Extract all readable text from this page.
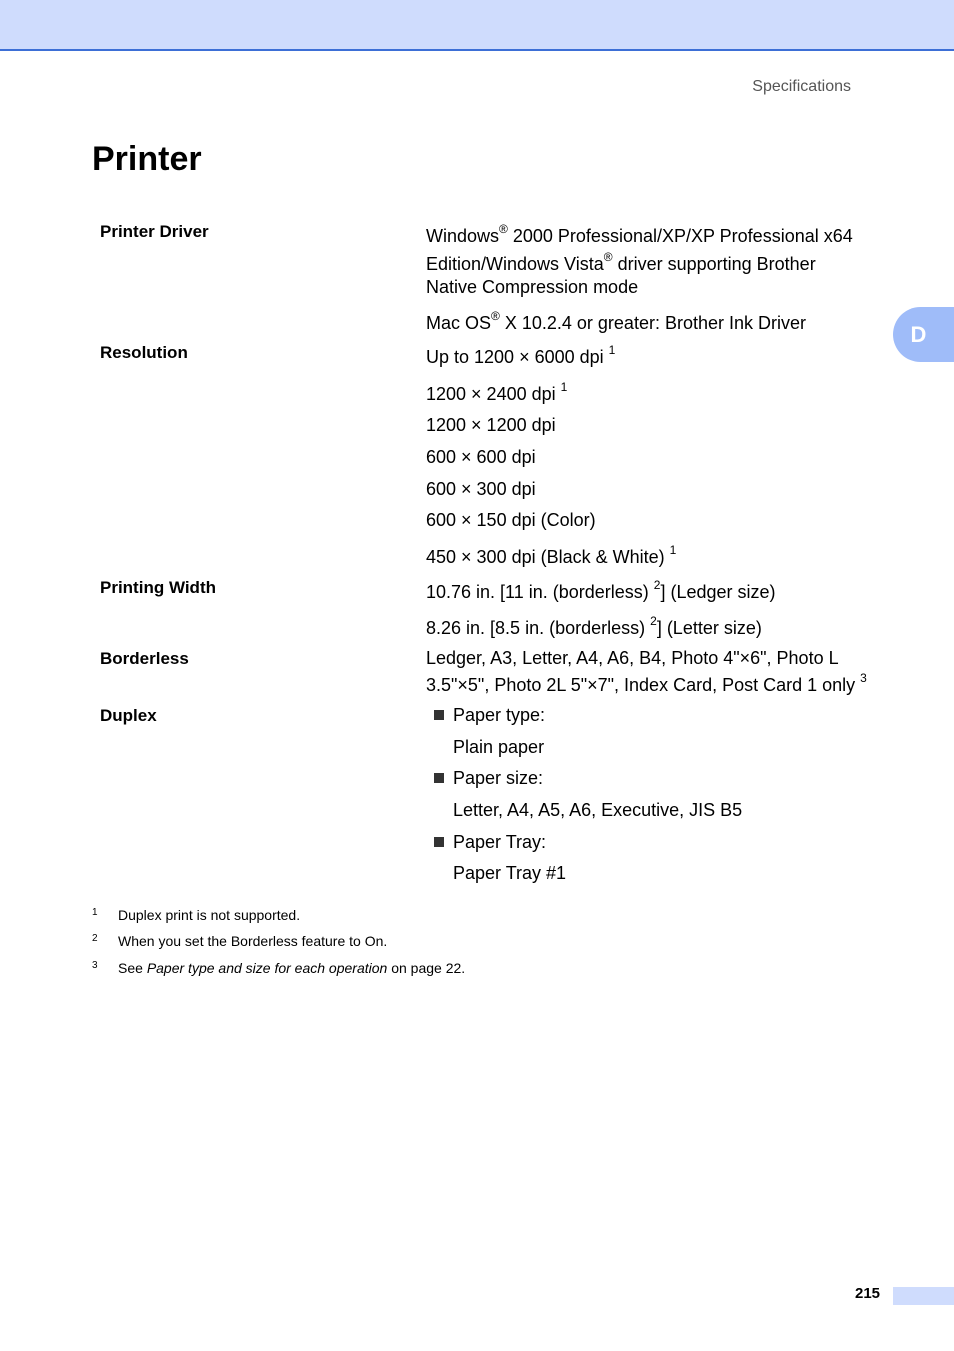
Specifications
Printer
D
Printer Driver	Windows® 2000 Professional/XP/XP Professional x64
Edition/Windows Vista® driver supporting Brother
Native Compression mode
Mac OS® X 10.2.4 or greater: Brother Ink Driver
Resolution	Up to 1200 × 6000 dpi $^1$
1200 × 2400 dpi $^1$
1200 × 1200 dpi
600 × 600 dpi
600 × 300 dpi
600 × 150 dpi (Color)
450 × 300 dpi (Black & White) $^1$
Printing Width	10.76 in. [11 in. (borderless) $^2$] (Ledger size)
8.26 in. [8.5 in. (borderless) $^2$] (Letter size)
Borderless	Ledger, A3, Letter, A4, A6, B4, Photo 4"×6", Photo L
3.5"×5", Photo 2L 5"×7", Index Card, Post Card 1 only $^3$
Duplex	Paper type:
Plain paper
Paper size:
Letter, A4, A5, A6, Executive, JIS B5
Paper Tray:
Paper Tray #1
1 Duplex print is not supported.
2 When you set the Borderless feature to On.
3 See Paper type and size for each operation on page 22.
215
